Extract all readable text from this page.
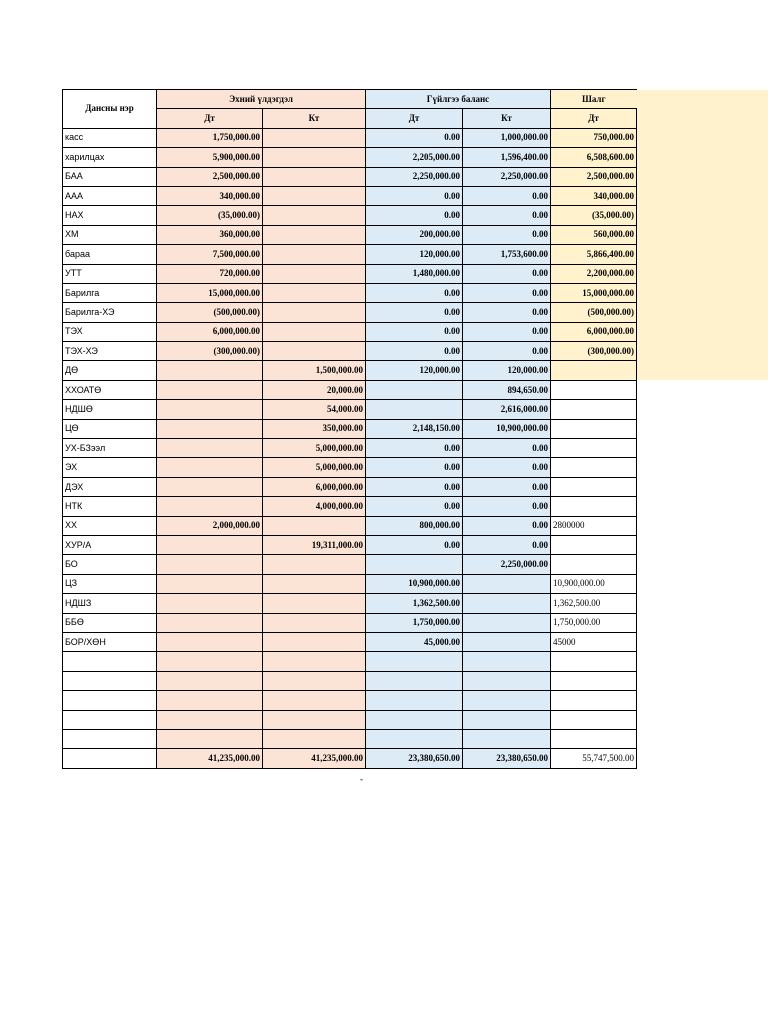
Дансны нэр	Эхний үлдэгдэл		Гүйлгээ баланс		Шалг
	Дт	Кт	Дт	Кт	Дт
касс	1,750,000.00		0.00	1,000,000.00	750,000.00
харилцах	5,900,000.00		2,205,000.00	1,596,400.00	6,508,600.00
БАА	2,500,000.00		2,250,000.00	2,250,000.00	2,500,000.00
ААА	340,000.00		0.00	0.00	340,000.00
НАХ	(35,000.00)		0.00	0.00	(35,000.00)
ХМ	360,000.00		200,000.00	0.00	560,000.00
бараа	7,500,000.00		120,000.00	1,753,600.00	5,866,400.00
УТТ	720,000.00		1,480,000.00	0.00	2,200,000.00
Барилга	15,000,000.00		0.00	0.00	15,000,000.00
Барилга-ХЭ	(500,000.00)		0.00	0.00	(500,000.00)
ТЭХ	6,000,000.00		0.00	0.00	6,000,000.00
ТЭХ-ХЭ	(300,000.00)		0.00	0.00	(300,000.00)
ДӨ		1,500,000.00	120,000.00	120,000.00	
ХХОАТӨ		20,000.00		894,650.00	
НДШӨ		54,000.00		2,616,000.00	
ЦӨ		350,000.00	2,148,150.00	10,900,000.00	
УХ-БЗээл		5,000,000.00	0.00	0.00	
ЭХ		5,000,000.00	0.00	0.00	
ДЭХ		6,000,000.00	0.00	0.00	
НТК		4,000,000.00	0.00	0.00	
ХХ	2,000,000.00		800,000.00	0.00	2800000
ХУР/А		19,311,000.00	0.00	0.00	
БО				2,250,000.00	
ЦЗ			10,900,000.00		10,900,000.00
НДШЗ			1,362,500.00		1,362,500.00
ББӨ			1,750,000.00		1,750,000.00
БОР/ХӨН			45,000.00		45000

	41,235,000.00	41,235,000.00	23,380,650.00	23,380,650.00	55,747,500.00
-
